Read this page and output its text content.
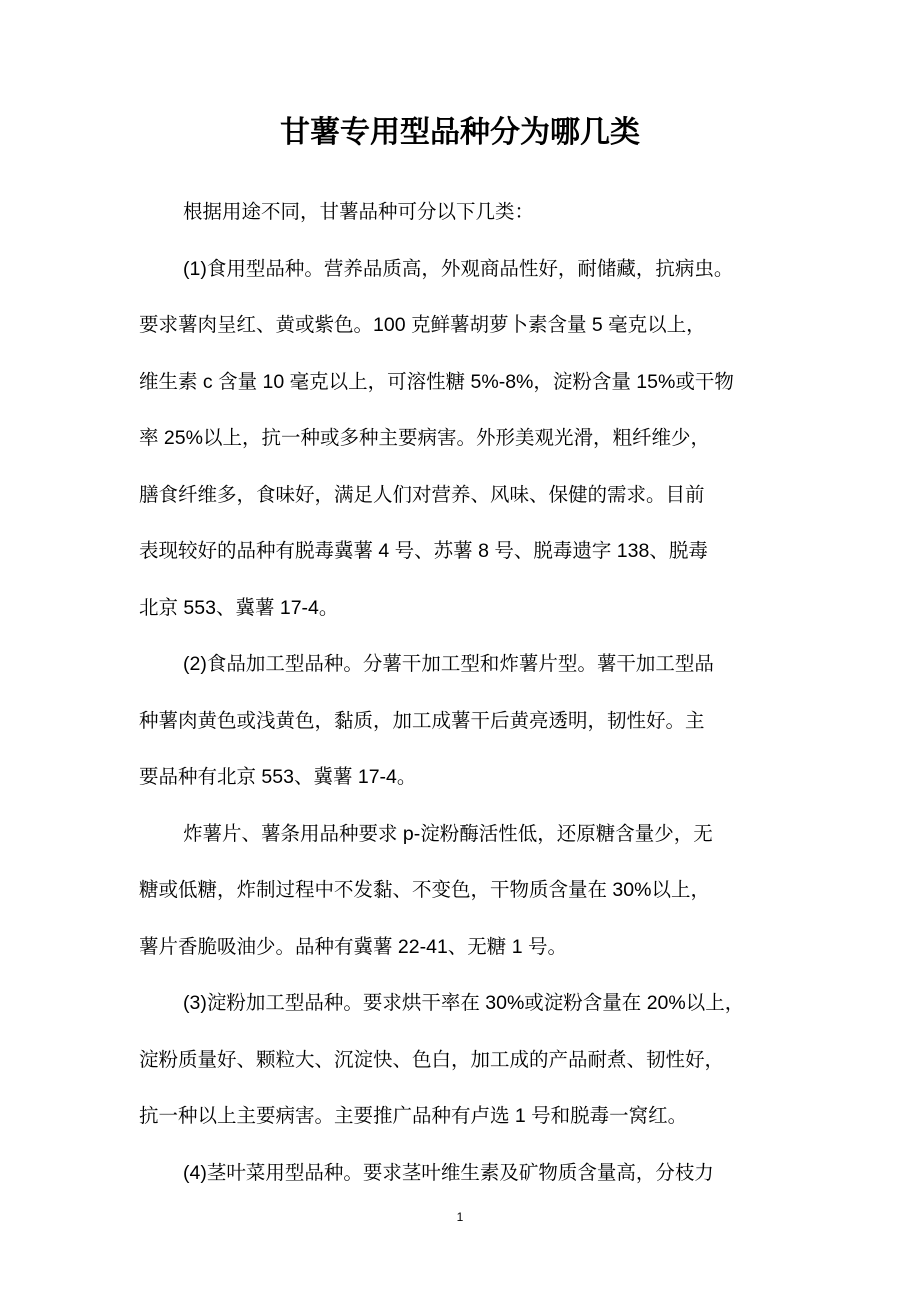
甘薯专用型品种分为哪几类
根据用途不同，甘薯品种可分以下几类：
(1)食用型品种。营养品质高，外观商品性好，耐储藏，抗病虫。
要求薯肉呈红、黄或紫色。100 克鲜薯胡萝卜素含量 5 毫克以上，
维生素 c 含量 10 毫克以上，可溶性糖 5%-8%，淀粉含量 15%或干物
率 25%以上，抗一种或多种主要病害。外形美观光滑，粗纤维少，
膳食纤维多，食味好，满足人们对营养、风味、保健的需求。目前
表现较好的品种有脱毒冀薯 4 号、苏薯 8 号、脱毒遗字 138、脱毒
北京 553、冀薯 17-4。
(2)食品加工型品种。分薯干加工型和炸薯片型。薯干加工型品
种薯肉黄色或浅黄色，黏质，加工成薯干后黄亮透明，韧性好。主
要品种有北京 553、冀薯 17-4。
炸薯片、薯条用品种要求 p-淀粉酶活性低，还原糖含量少，无
糖或低糖，炸制过程中不发黏、不变色，干物质含量在 30%以上，
薯片香脆吸油少。品种有冀薯 22-41、无糖 1 号。
(3)淀粉加工型品种。要求烘干率在 30%或淀粉含量在 20%以上，
淀粉质量好、颗粒大、沉淀快、色白，加工成的产品耐煮、韧性好，
抗一种以上主要病害。主要推广品种有卢选 1 号和脱毒一窝红。
(4)茎叶菜用型品种。要求茎叶维生素及矿物质含量高，分枝力
1
